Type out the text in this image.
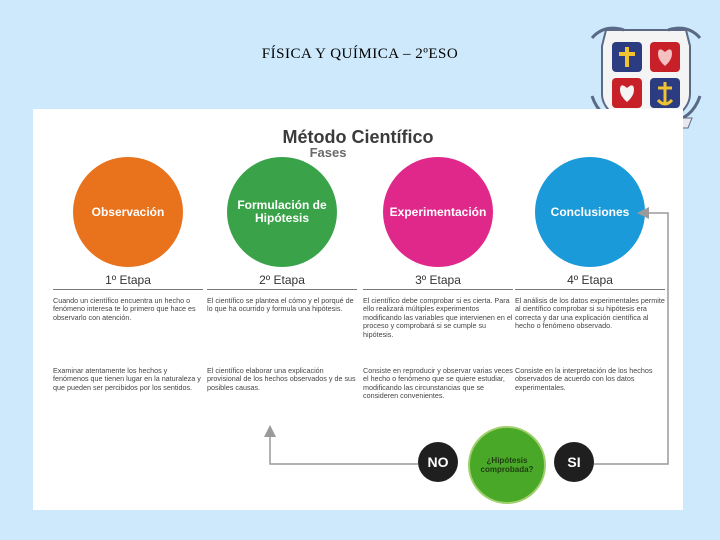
FÍSICA Y QUÍMICA – 2ºESO
Método Científico
Fases
Observación
1º Etapa
Cuando un científico encuentra un hecho o fenómeno interesa te lo primero que hace es observarlo con atención.
Examinar atentamente los hechos y fenómenos que tienen lugar en la naturaleza y que pueden ser percibidos por los sentidos.
Formulación de Hipótesis
2º Etapa
El científico se plantea el cómo y el porqué de lo que ha ocurrido y formula una hipótesis.
El científico elaborar una explicación provisional de los hechos observados y de sus posibles causas.
Experimentación
3º Etapa
El científico debe comprobar si es cierta. Para ello realizará múltiples experimentos modificando las variables que intervienen en el proceso y comprobará si se cumple su hipótesis.
Consiste en reproducir y observar varias veces el hecho o fenómeno que se quiere estudiar, modificando las circunstancias que se consideren convenientes.
Conclusiones
4º Etapa
El análisis de los datos experimentales permite al científico comprobar si su hipótesis era correcta y dar una explicación científica al hecho o fenómeno observado.
Consiste en la interpretación de los hechos observados de acuerdo con los datos experimentales.
NO	¿Hipótesis comprobada?	SI
